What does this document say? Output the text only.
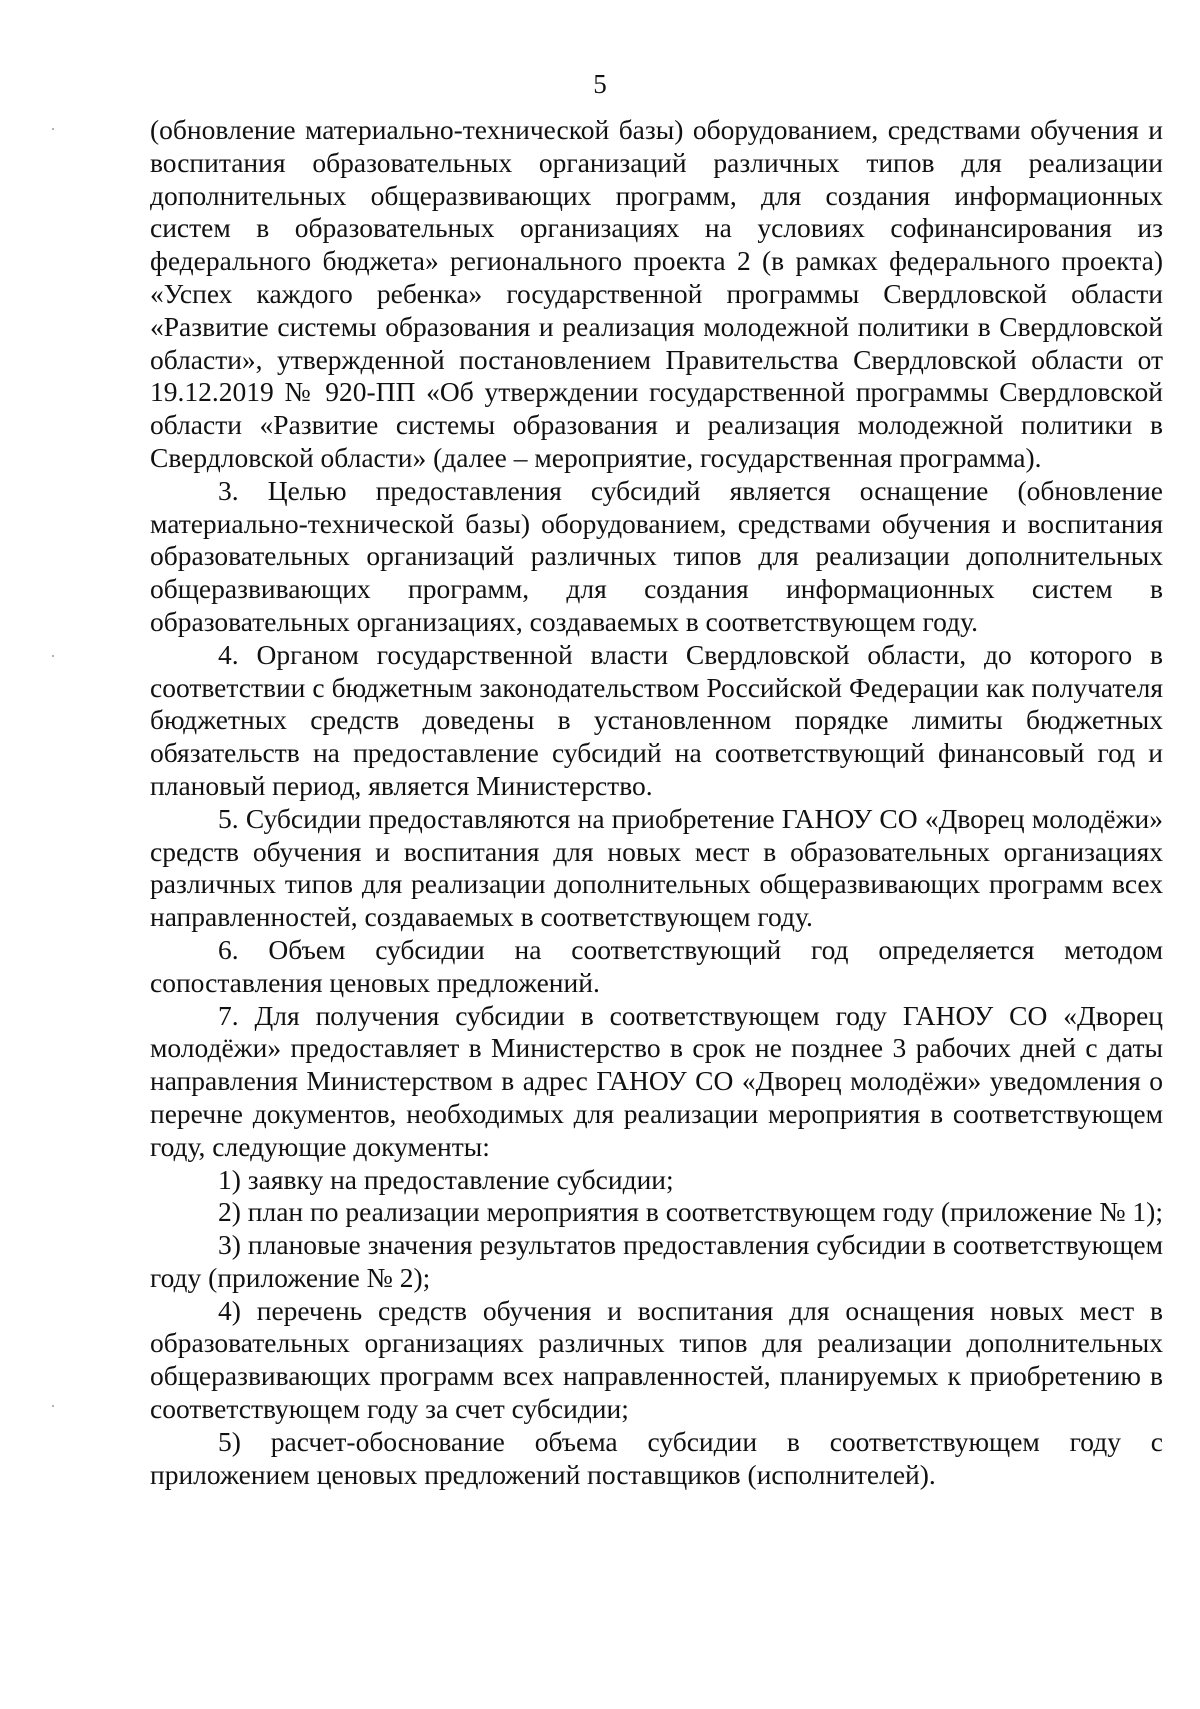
5

(обновление материально-технической базы) оборудованием, средствами обучения и воспитания образовательных организаций различных типов для реализации дополнительных общеразвивающих программ, для создания информационных систем в образовательных организациях на условиях софинансирования из федерального бюджета» регионального проекта 2 (в рамках федерального проекта) «Успех каждого ребенка» государственной программы Свердловской области «Развитие системы образования и реализация молодежной политики в Свердловской области», утвержденной постановлением Правительства Свердловской области от 19.12.2019 № 920-ПП «Об утверждении государственной программы Свердловской области «Развитие системы образования и реализация молодежной политики в Свердловской области» (далее – мероприятие, государственная программа).

3. Целью предоставления субсидий является оснащение (обновление материально-технической базы) оборудованием, средствами обучения и воспитания образовательных организаций различных типов для реализации дополнительных общеразвивающих программ, для создания информационных систем в образовательных организациях, создаваемых в соответствующем году.

4. Органом государственной власти Свердловской области, до которого в соответствии с бюджетным законодательством Российской Федерации как получателя бюджетных средств доведены в установленном порядке лимиты бюджетных обязательств на предоставление субсидий на соответствующий финансовый год и плановый период, является Министерство.

5. Субсидии предоставляются на приобретение ГАНОУ СО «Дворец молодёжи» средств обучения и воспитания для новых мест в образовательных организациях различных типов для реализации дополнительных общеразвивающих программ всех направленностей, создаваемых в соответствующем году.

6. Объем субсидии на соответствующий год определяется методом сопоставления ценовых предложений.

7. Для получения субсидии в соответствующем году ГАНОУ СО «Дворец молодёжи» предоставляет в Министерство в срок не позднее 3 рабочих дней с даты направления Министерством в адрес ГАНОУ СО «Дворец молодёжи» уведомления о перечне документов, необходимых для реализации мероприятия в соответствующем году, следующие документы:

1) заявку на предоставление субсидии;

2) план по реализации мероприятия в соответствующем году (приложение № 1);

3) плановые значения результатов предоставления субсидии в соответствующем году (приложение № 2);

4) перечень средств обучения и воспитания для оснащения новых мест в образовательных организациях различных типов для реализации дополнительных общеразвивающих программ всех направленностей, планируемых к приобретению в соответствующем году за счет субсидии;

5) расчет-обоснование объема субсидии в соответствующем году с приложением ценовых предложений поставщиков (исполнителей).
